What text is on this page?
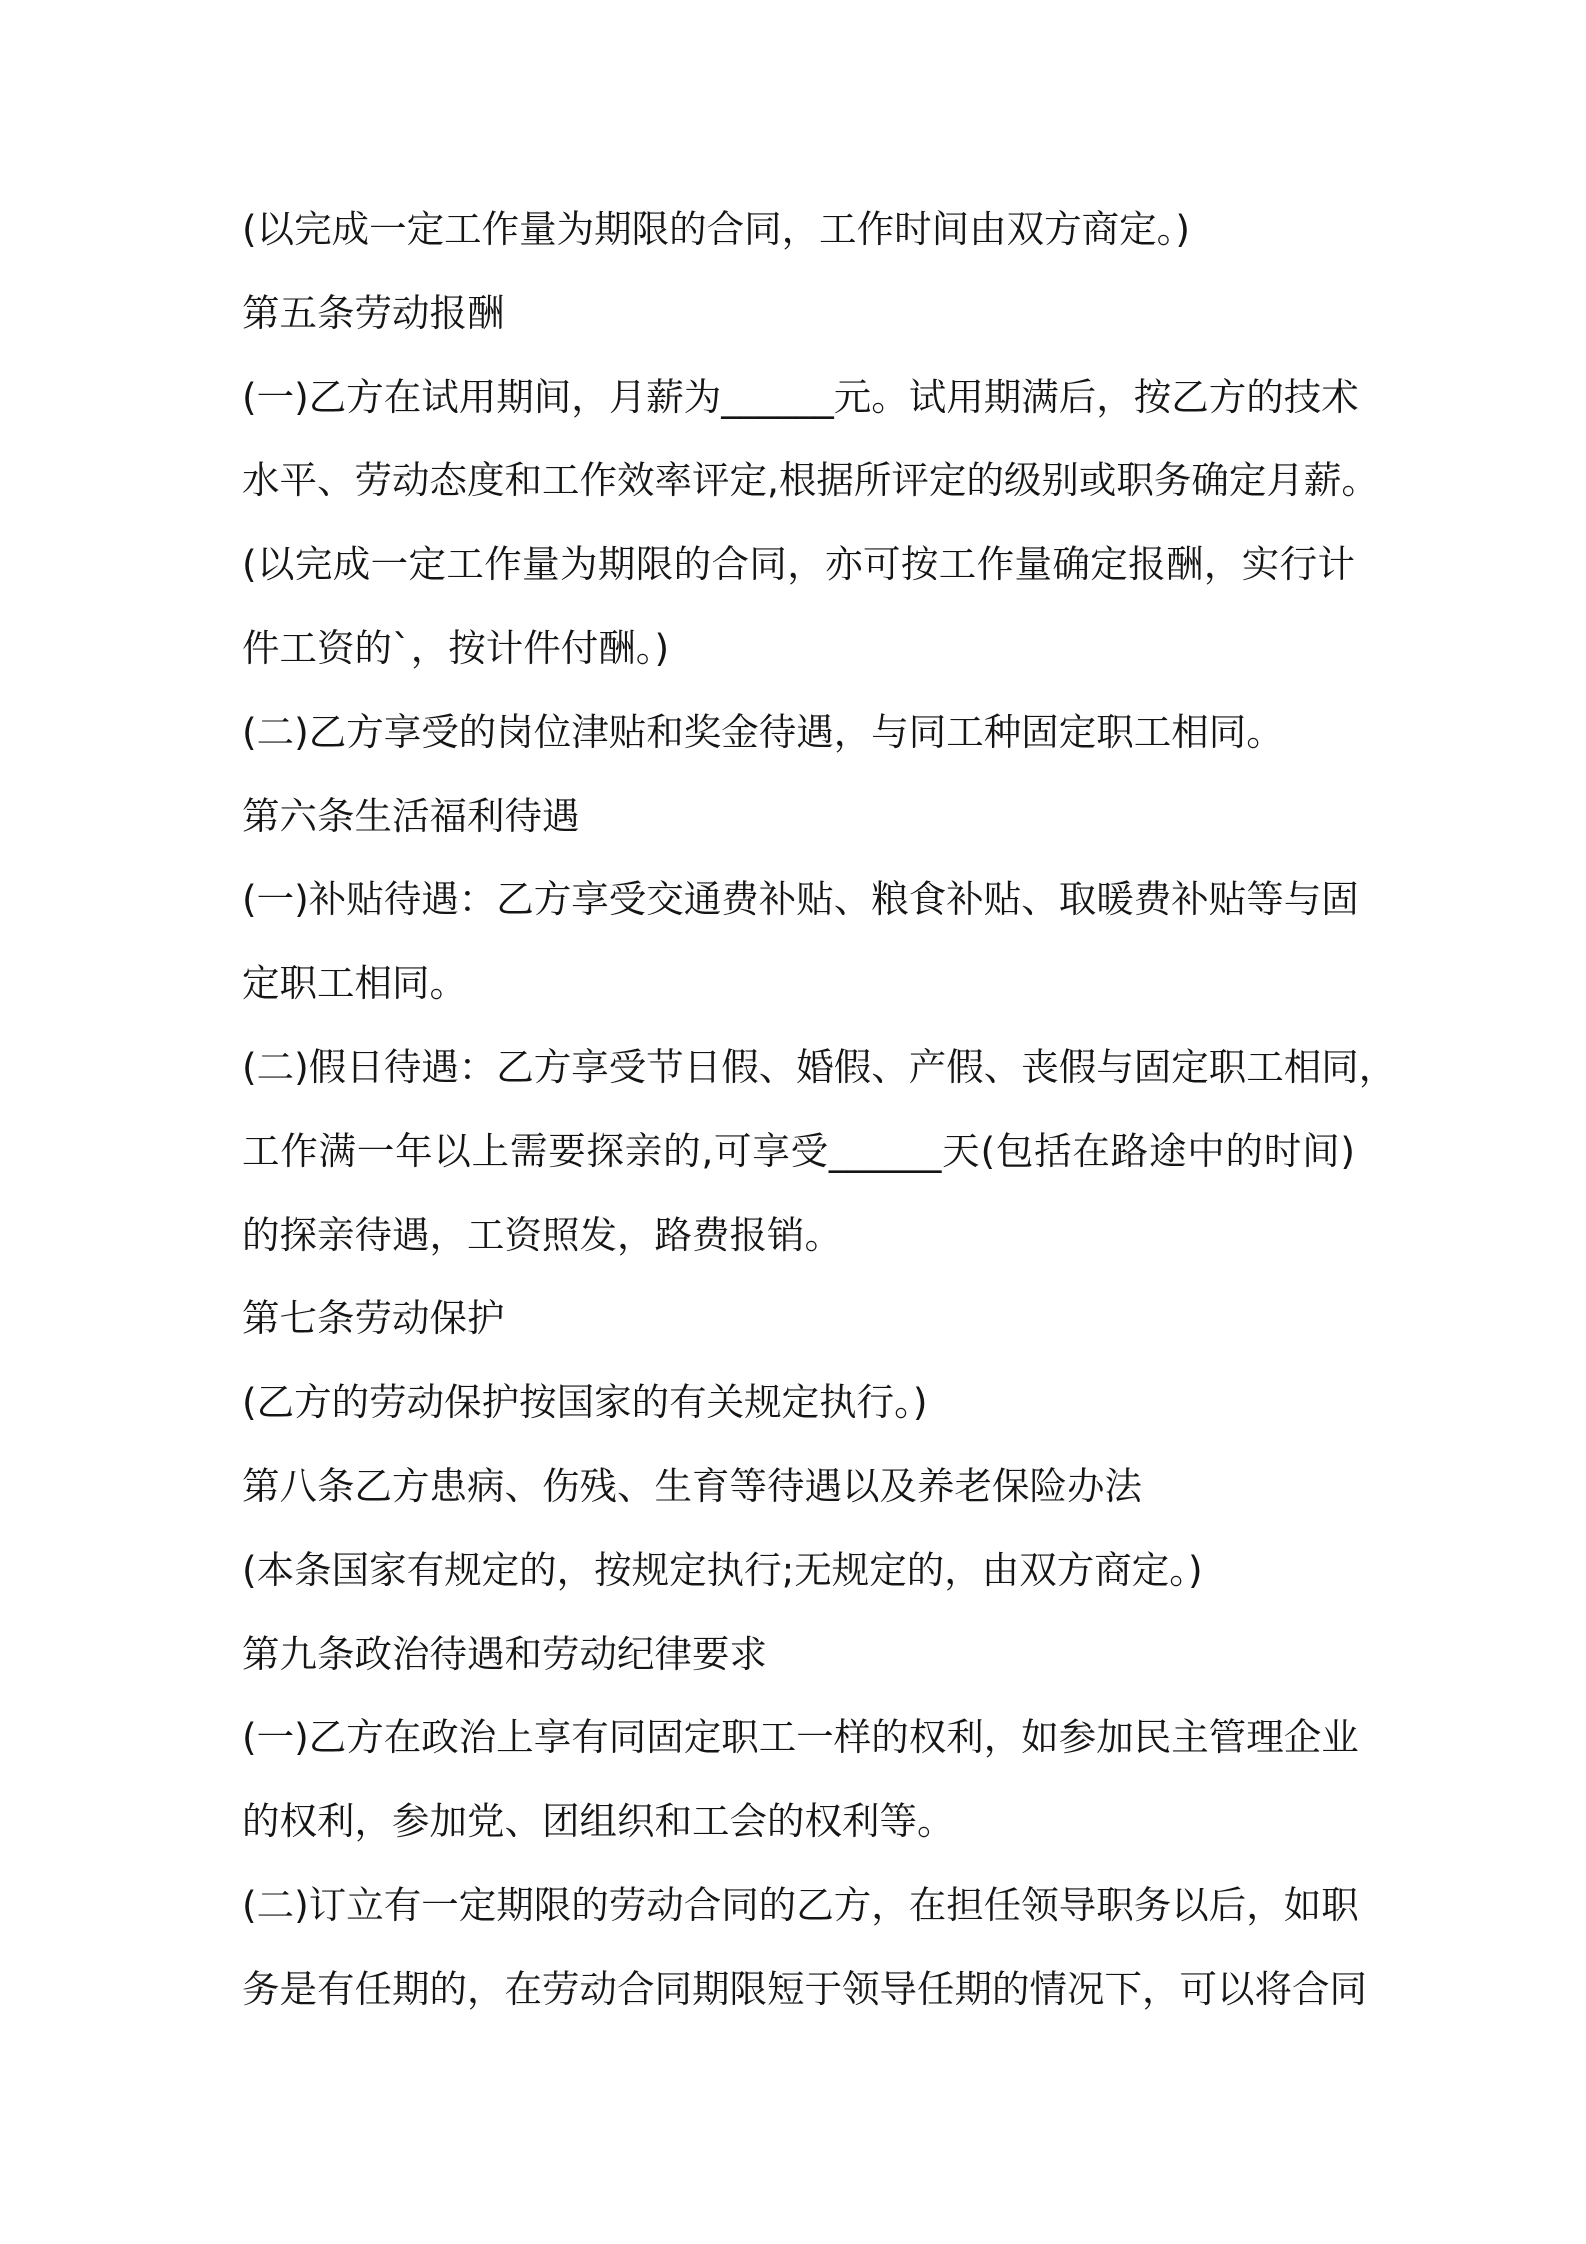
(以完成一定工作量为期限的合同，工作时间由双方商定。)
第五条劳动报酬
(一)乙方在试用期间，月薪为______元。试用期满后，按乙方的技术
水平、劳动态度和工作效率评定,根据所评定的级别或职务确定月薪。
(以完成一定工作量为期限的合同，亦可按工作量确定报酬，实行计
件工资的`，按计件付酬。)
(二)乙方享受的岗位津贴和奖金待遇，与同工种固定职工相同。
第六条生活福利待遇
(一)补贴待遇：乙方享受交通费补贴、粮食补贴、取暖费补贴等与固
定职工相同。
(二)假日待遇：乙方享受节日假、婚假、产假、丧假与固定职工相同，
工作满一年以上需要探亲的,可享受______天(包括在路途中的时间)
的探亲待遇，工资照发，路费报销。
第七条劳动保护
(乙方的劳动保护按国家的有关规定执行。)
第八条乙方患病、伤残、生育等待遇以及养老保险办法
(本条国家有规定的，按规定执行;无规定的，由双方商定。)
第九条政治待遇和劳动纪律要求
(一)乙方在政治上享有同固定职工一样的权利，如参加民主管理企业
的权利，参加党、团组织和工会的权利等。
(二)订立有一定期限的劳动合同的乙方，在担任领导职务以后，如职
务是有任期的，在劳动合同期限短于领导任期的情况下，可以将合同
